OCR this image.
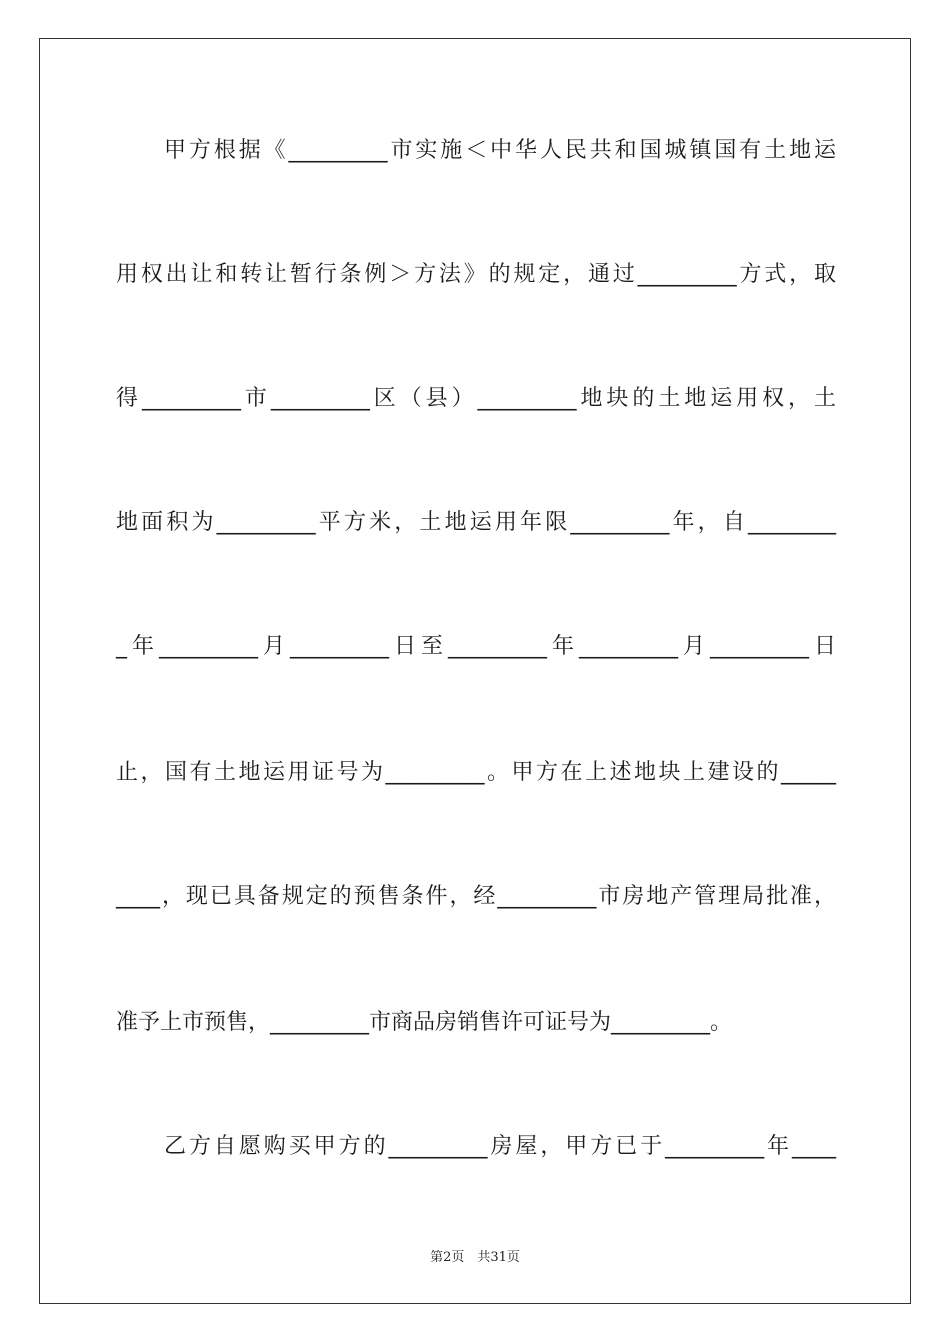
甲方根据《_________市实施＜中华人民共和国城镇国有土地运
用权出让和转让暂行条例＞方法》的规定，通过_________方式，取
得_________市_________区（县）_________地块的土地运用权，土
地面积为_________平方米，土地运用年限_________年，自________
_年_________月_________日至_________年_________月_________日
止，国有土地运用证号为_________。甲方在上述地块上建设的_____
____，现已具备规定的预售条件，经_________市房地产管理局批准，
准予上市预售，_________市商品房销售许可证号为_________。
乙方自愿购买甲方的_________房屋，甲方已于_________年____
第2页　共31页
